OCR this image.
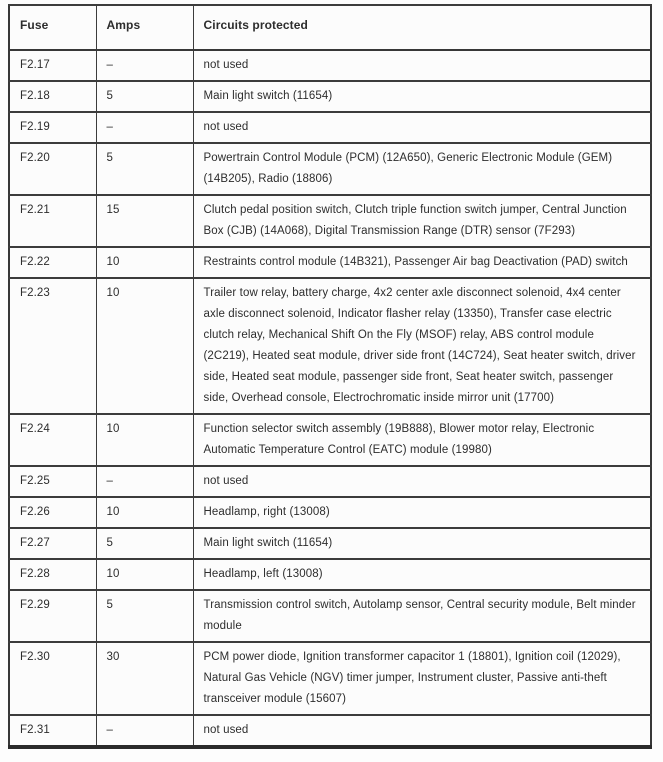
Fuse	Amps	Circuits protected
F2.17	–	not used
F2.18	5	Main light switch (11654)
F2.19	–	not used
F2.20	5	Powertrain Control Module (PCM) (12A650), Generic Electronic Module (GEM) (14B205), Radio (18806)
F2.21	15	Clutch pedal position switch, Clutch triple function switch jumper, Central Junction Box (CJB) (14A068), Digital Transmission Range (DTR) sensor (7F293)
F2.22	10	Restraints control module (14B321), Passenger Air bag Deactivation (PAD) switch
F2.23	10	Trailer tow relay, battery charge, 4x2 center axle disconnect solenoid, 4x4 center axle disconnect solenoid, Indicator flasher relay (13350), Transfer case electric clutch relay, Mechanical Shift On the Fly (MSOF) relay, ABS control module (2C219), Heated seat module, driver side front (14C724), Seat heater switch, driver side, Heated seat module, passenger side front, Seat heater switch, passenger side, Overhead console, Electrochromatic inside mirror unit (17700)
F2.24	10	Function selector switch assembly (19B888), Blower motor relay, Electronic Automatic Temperature Control (EATC) module (19980)
F2.25	–	not used
F2.26	10	Headlamp, right (13008)
F2.27	5	Main light switch (11654)
F2.28	10	Headlamp, left (13008)
F2.29	5	Transmission control switch, Autolamp sensor, Central security module, Belt minder module
F2.30	30	PCM power diode, Ignition transformer capacitor 1 (18801), Ignition coil (12029), Natural Gas Vehicle (NGV) timer jumper, Instrument cluster, Passive anti-theft transceiver module (15607)
F2.31	–	not used
